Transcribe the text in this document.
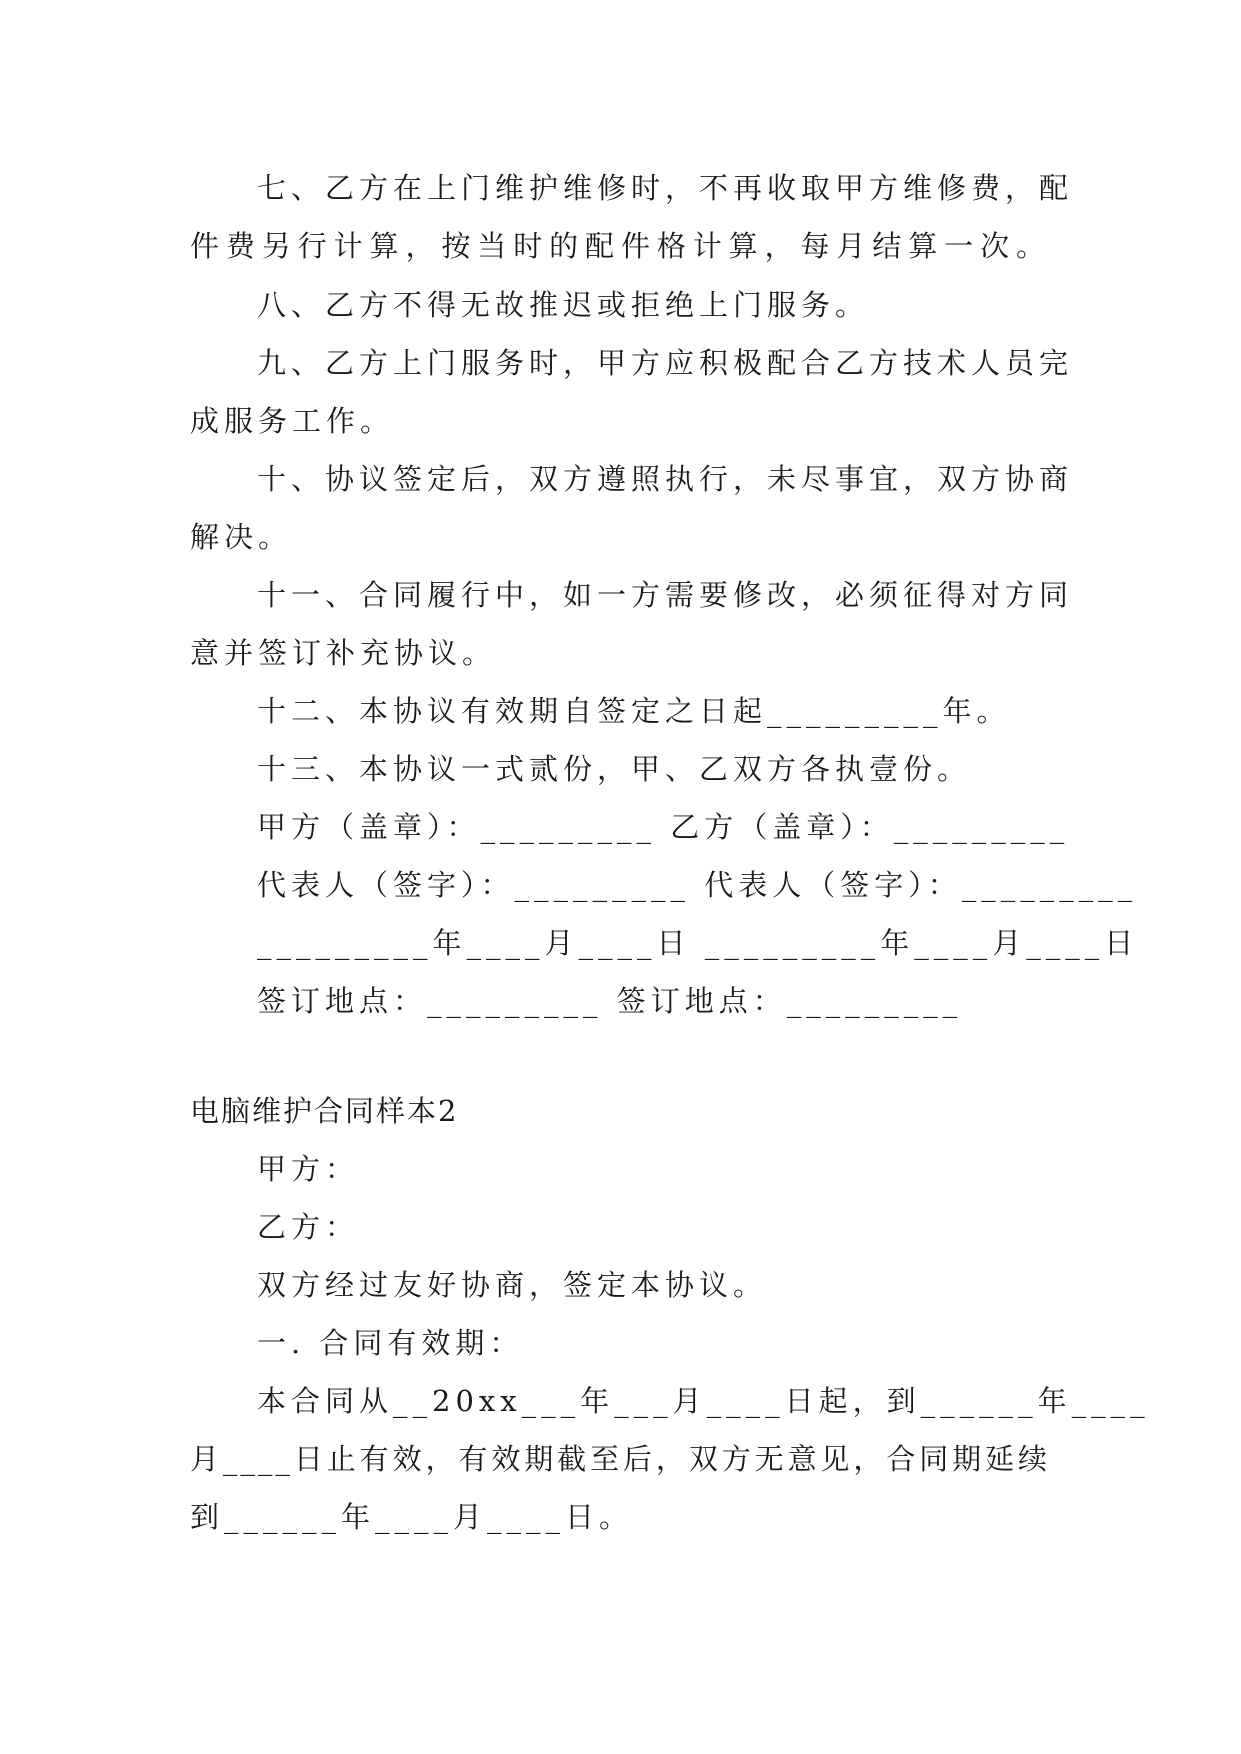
七、乙方在上门维护维修时，不再收取甲方维修费，配
件费另行计算，按当时的配件格计算，每月结算一次。
八、乙方不得无故推迟或拒绝上门服务。
九、乙方上门服务时，甲方应积极配合乙方技术人员完
成服务工作。
十、协议签定后，双方遵照执行，未尽事宜，双方协商
解决。
十一、合同履行中，如一方需要修改，必须征得对方同
意并签订补充协议。
十二、本协议有效期自签定之日起_________年。
十三、本协议一式贰份，甲、乙双方各执壹份。
甲方（盖章）：_________ 乙方（盖章）：_________
代表人（签字）：_________ 代表人（签字）：_________
_________年____月____日 _________年____月____日
签订地点：_________ 签订地点：_________
电脑维护合同样本2
甲方：
乙方：
双方经过友好协商，签定本协议。
一. 合同有效期：
本合同从__20xx___年___月____日起，到______年____
月____日止有效，有效期截至后，双方无意见，合同期延续
到______年____月____日。
